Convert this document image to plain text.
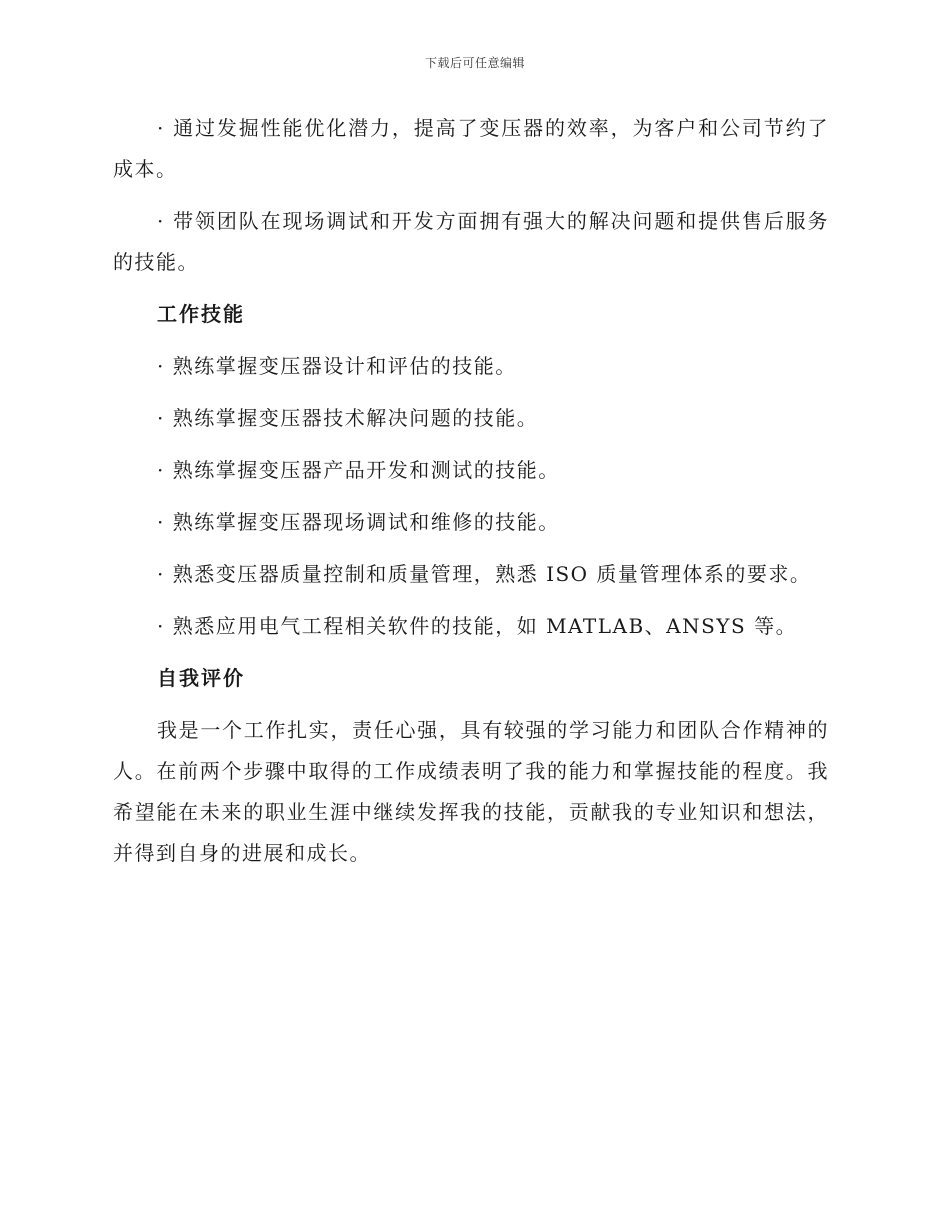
下载后可任意编辑

· 通过发掘性能优化潜力，提高了变压器的效率，为客户和公司节约了成本。

· 带领团队在现场调试和开发方面拥有强大的解决问题和提供售后服务的技能。

工作技能
· 熟练掌握变压器设计和评估的技能。
· 熟练掌握变压器技术解决问题的技能。
· 熟练掌握变压器产品开发和测试的技能。
· 熟练掌握变压器现场调试和维修的技能。
· 熟悉变压器质量控制和质量管理，熟悉 ISO 质量管理体系的要求。
· 熟悉应用电气工程相关软件的技能，如 MATLAB、ANSYS 等。
自我评价

我是一个工作扎实，责任心强，具有较强的学习能力和团队合作精神的人。在前两个步骤中取得的工作成绩表明了我的能力和掌握技能的程度。我希望能在未来的职业生涯中继续发挥我的技能，贡献我的专业知识和想法，并得到自身的进展和成长。
